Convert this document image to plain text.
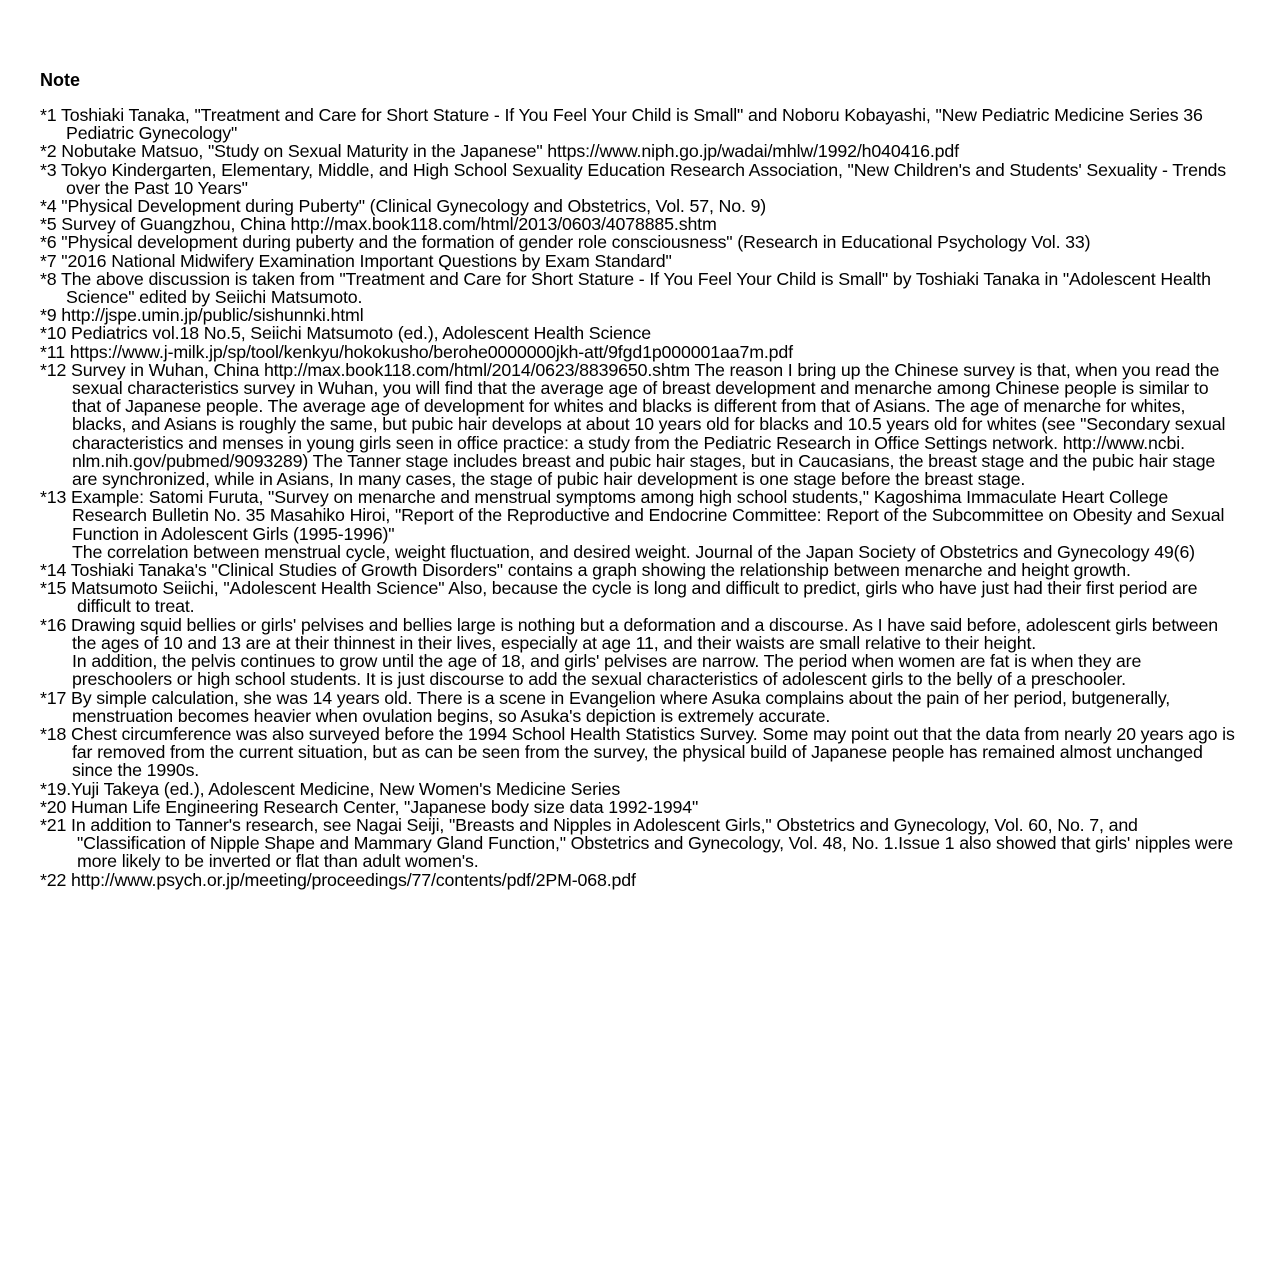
Note
*1 Toshiaki Tanaka, "Treatment and Care for Short Stature - If You Feel Your Child is Small" and Noboru Kobayashi, "New Pediatric Medicine Series 36 Pediatric Gynecology"
*2 Nobutake Matsuo, "Study on Sexual Maturity in the Japanese" https://www.niph.go.jp/wadai/mhlw/1992/h040416.pdf
*3 Tokyo Kindergarten, Elementary, Middle, and High School Sexuality Education Research Association, "New Children's and Students' Sexuality - Trends over the Past 10 Years"
*4 "Physical Development during Puberty" (Clinical Gynecology and Obstetrics, Vol. 57, No. 9)
*5 Survey of Guangzhou, China http://max.book118.com/html/2013/0603/4078885.shtm
*6 "Physical development during puberty and the formation of gender role consciousness" (Research in Educational Psychology Vol. 33)
*7 "2016 National Midwifery Examination Important Questions by Exam Standard"
*8 The above discussion is taken from "Treatment and Care for Short Stature - If You Feel Your Child is Small" by Toshiaki Tanaka in "Adolescent Health Science" edited by Seiichi Matsumoto.
*9 http://jspe.umin.jp/public/sishunnki.html
*10 Pediatrics vol.18 No.5, Seiichi Matsumoto (ed.), Adolescent Health Science
*11 https://www.j-milk.jp/sp/tool/kenkyu/hokokusho/berohe0000000jkh-att/9fgd1p000001aa7m.pdf
*12 Survey in Wuhan, China http://max.book118.com/html/2014/0623/8839650.shtm The reason I bring up the Chinese survey is that, when you read the sexual characteristics survey in Wuhan, you will find that the average age of breast development and menarche among Chinese people is similar to that of Japanese people. The average age of development for whites and blacks is different from that of Asians. The age of menarche for whites, blacks, and Asians is roughly the same, but pubic hair develops at about 10 years old for blacks and 10.5 years old for whites (see "Secondary sexual characteristics and menses in young girls seen in office practice: a study from the Pediatric Research in Office Settings network. http://www.ncbi. nlm.nih.gov/pubmed/9093289) The Tanner stage includes breast and pubic hair stages, but in Caucasians, the breast stage and the pubic hair stage are synchronized, while in Asians, In many cases, the stage of pubic hair development is one stage before the breast stage.
*13 Example: Satomi Furuta, "Survey on menarche and menstrual symptoms among high school students," Kagoshima Immaculate Heart College Research Bulletin No. 35 Masahiko Hiroi, "Report of the Reproductive and Endocrine Committee: Report of the Subcommittee on Obesity and Sexual Function in Adolescent Girls (1995-1996)"
The correlation between menstrual cycle, weight fluctuation, and desired weight. Journal of the Japan Society of Obstetrics and Gynecology 49(6)
*14 Toshiaki Tanaka's "Clinical Studies of Growth Disorders" contains a graph showing the relationship between menarche and height growth.
*15 Matsumoto Seiichi, "Adolescent Health Science" Also, because the cycle is long and difficult to predict, girls who have just had their first period are difficult to treat.
*16 Drawing squid bellies or girls' pelvises and bellies large is nothing but a deformation and a discourse. As I have said before, adolescent girls between the ages of 10 and 13 are at their thinnest in their lives, especially at age 11, and their waists are small relative to their height.
In addition, the pelvis continues to grow until the age of 18, and girls' pelvises are narrow. The period when women are fat is when they are preschoolers or high school students. It is just discourse to add the sexual characteristics of adolescent girls to the belly of a preschooler.
*17 By simple calculation, she was 14 years old. There is a scene in Evangelion where Asuka complains about the pain of her period, butgenerally, menstruation becomes heavier when ovulation begins, so Asuka's depiction is extremely accurate.
*18 Chest circumference was also surveyed before the 1994 School Health Statistics Survey. Some may point out that the data from nearly 20 years ago is far removed from the current situation, but as can be seen from the survey, the physical build of Japanese people has remained almost unchanged since the 1990s.
*19.Yuji Takeya (ed.), Adolescent Medicine, New Women's Medicine Series
*20 Human Life Engineering Research Center, "Japanese body size data 1992-1994"
*21 In addition to Tanner's research, see Nagai Seiji, "Breasts and Nipples in Adolescent Girls," Obstetrics and Gynecology, Vol. 60, No. 7, and "Classification of Nipple Shape and Mammary Gland Function," Obstetrics and Gynecology, Vol. 48, No. 1.Issue 1 also showed that girls' nipples were more likely to be inverted or flat than adult women's.
*22 http://www.psych.or.jp/meeting/proceedings/77/contents/pdf/2PM-068.pdf
